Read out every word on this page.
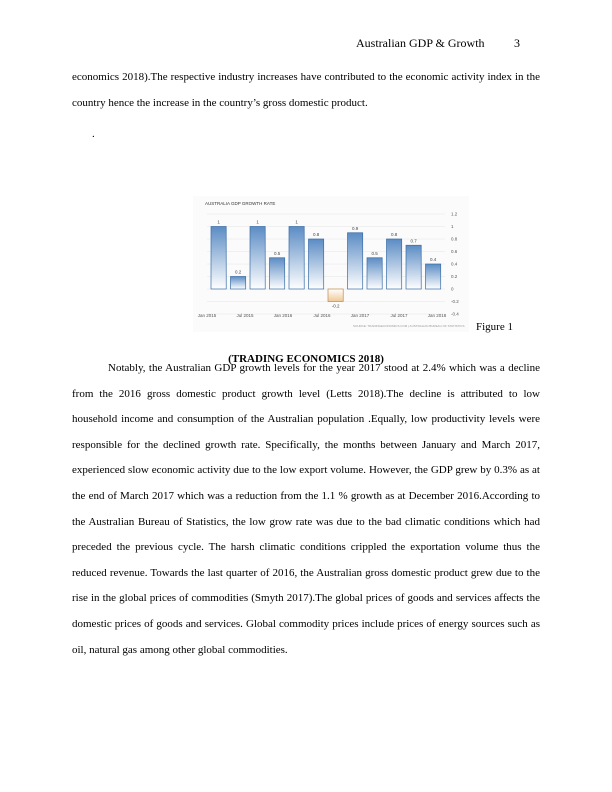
Australian GDP & Growth 3
economics 2018).The respective industry increases have contributed to the economic activity index in the
country hence the increase in the country’s gross domestic product.
.
AUSTRALIA GDP GROWTH RATE
1.2
1
0.8
0.6
0.4
0.2
0
-0.2
-0.4
1
0.2
1
0.5
1
0.8
-0.2
0.9
0.5
0.8
0.7
0.4
Jan 2015	Jul 2015	Jan 2016	Jul 2016	Jan 2017	Jul 2017	Jan 2018
SOURCE: TRADINGECONOMICS.COM | AUSTRALIAN BUREAU OF STATISTICS Figure 1
(TRADING ECONOMICS 2018)
Notably, the Australian GDP growth levels for the year 2017 stood at 2.4% which was a decline
from the 2016 gross domestic product growth level (Letts 2018).The decline is attributed to low
household income and consumption of the Australian population .Equally, low productivity levels were
responsible for the declined growth rate. Specifically, the months between January and March 2017,
experienced slow economic activity due to the low export volume. However, the GDP grew by 0.3% as at
the end of March 2017 which was a reduction from the 1.1 % growth as at December 2016.According to
the Australian Bureau of Statistics, the low grow rate was due to the bad climatic conditions which had
preceded the previous cycle. The harsh climatic conditions crippled the exportation volume thus the
reduced revenue. Towards the last quarter of 2016, the Australian gross domestic product grew due to the
rise in the global prices of commodities (Smyth 2017).The global prices of goods and services affects the
domestic prices of goods and services. Global commodity prices include prices of energy sources such as
oil, natural gas among other global commodities.
